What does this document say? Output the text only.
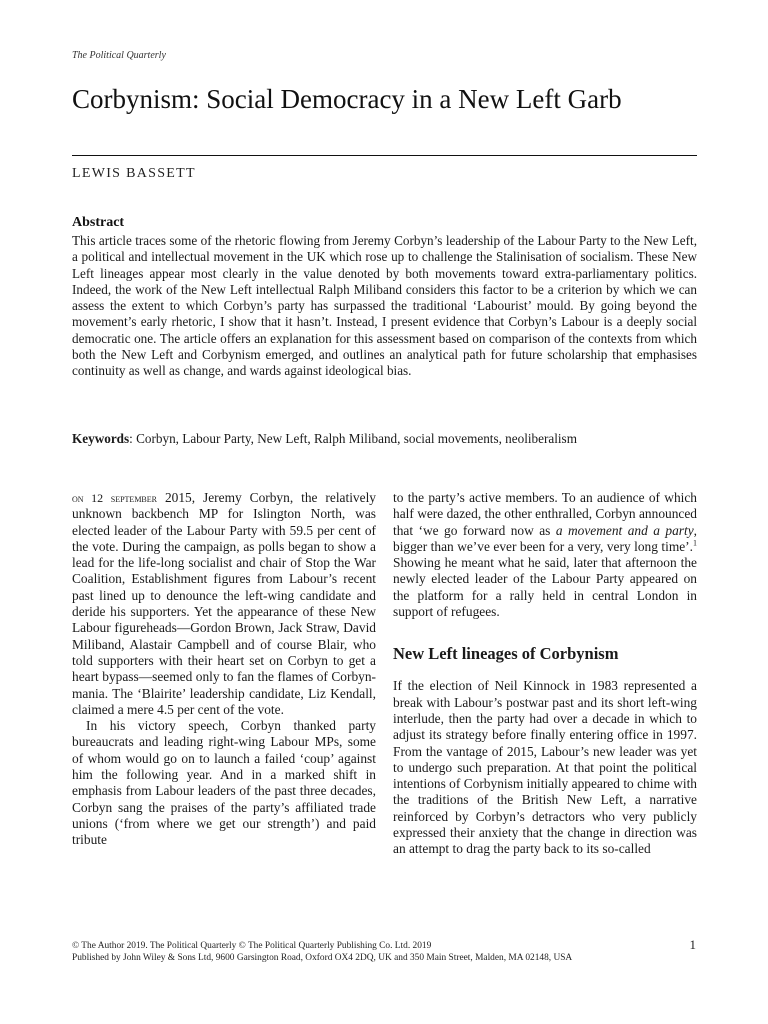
The Political Quarterly
Corbynism: Social Democracy in a New Left Garb
LEWIS BASSETT
Abstract

This article traces some of the rhetoric flowing from Jeremy Corbyn’s leadership of the Labour Party to the New Left, a political and intellectual movement in the UK which rose up to challenge the Stalinisation of socialism. These New Left lineages appear most clearly in the value denoted by both movements toward extra-parliamentary politics. Indeed, the work of the New Left intellectual Ralph Miliband considers this factor to be a criterion by which we can assess the extent to which Corbyn’s party has surpassed the traditional ‘Labourist’ mould. By going beyond the movement’s early rhetoric, I show that it hasn’t. Instead, I present evidence that Corbyn’s Labour is a deeply social democratic one. The article offers an explanation for this assessment based on comparison of the contexts from which both the New Left and Corbynism emerged, and outlines an analytical path for future scholarship that emphasises continuity as well as change, and wards against ideological bias.

Keywords: Corbyn, Labour Party, New Left, Ralph Miliband, social movements, neoliberalism

on 12 september 2015, Jeremy Corbyn, the relatively unknown backbench MP for Islington North, was elected leader of the Labour Party with 59.5 per cent of the vote. During the campaign, as polls began to show a lead for the life-long socialist and chair of Stop the War Coalition, Establishment figures from Labour’s recent past lined up to denounce the left-wing candidate and deride his supporters. Yet the appearance of these New Labour figureheads—Gordon Brown, Jack Straw, David Miliband, Alastair Campbell and of course Blair, who told supporters with their heart set on Corbyn to get a heart bypass—seemed only to fan the flames of Corbyn-mania. The ‘Blairite’ leadership candidate, Liz Kendall, claimed a mere 4.5 per cent of the vote.

In his victory speech, Corbyn thanked party bureaucrats and leading right-wing Labour MPs, some of whom would go on to launch a failed ‘coup’ against him the following year. And in a marked shift in emphasis from Labour leaders of the past three decades, Corbyn sang the praises of the party’s affiliated trade unions (‘from where we get our strength’) and paid tribute

to the party’s active members. To an audience of which half were dazed, the other enthralled, Corbyn announced that ‘we go forward now as a movement and a party, bigger than we’ve ever been for a very, very long time’.$^1$ Showing he meant what he said, later that afternoon the newly elected leader of the Labour Party appeared on the platform for a rally held in central London in support of refugees.

New Left lineages of Corbynism

If the election of Neil Kinnock in 1983 represented a break with Labour’s postwar past and its short left-wing interlude, then the party had over a decade in which to adjust its strategy before finally entering office in 1997. From the vantage of 2015, Labour’s new leader was yet to undergo such preparation. At that point the political intentions of Corbynism initially appeared to chime with the traditions of the British New Left, a narrative reinforced by Corbyn’s detractors who very publicly expressed their anxiety that the change in direction was an attempt to drag the party back to its so-called

© The Author 2019. The Political Quarterly © The Political Quarterly Publishing Co. Ltd. 2019
Published by John Wiley & Sons Ltd, 9600 Garsington Road, Oxford OX4 2DQ, UK and 350 Main Street, Malden, MA 02148, USA
1
